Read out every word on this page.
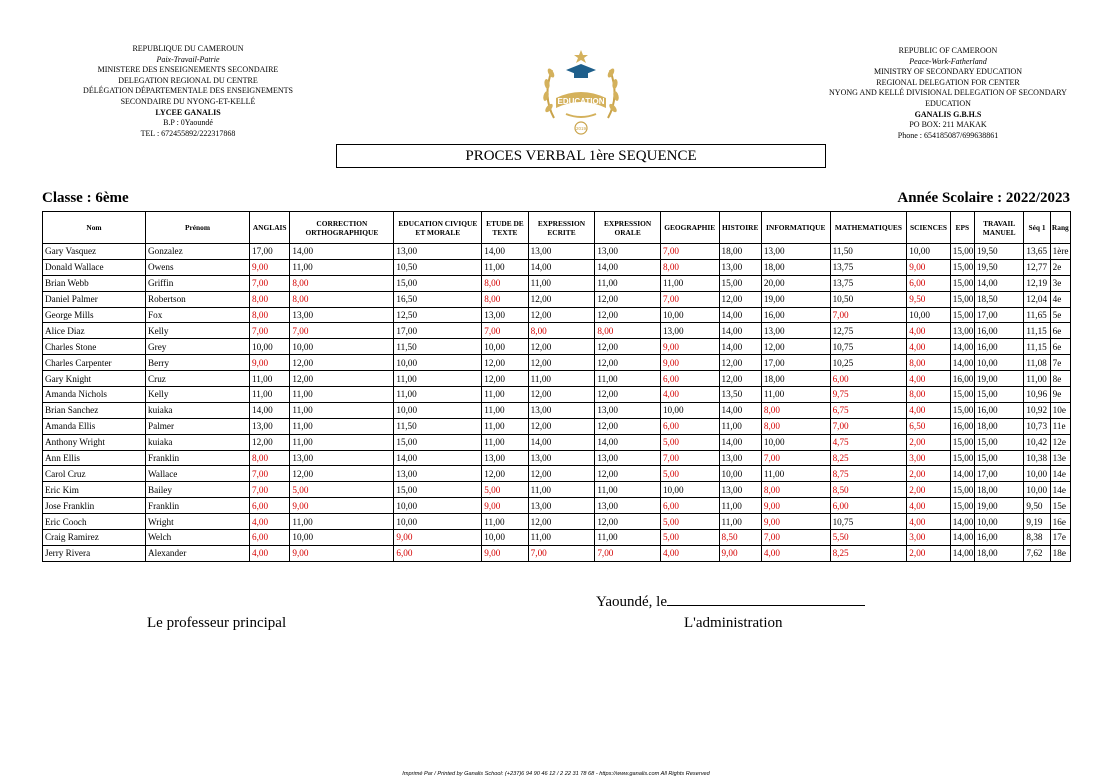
REPUBLIQUE DU CAMEROUN
Paix-Travail-Patrie
MINISTERE DES ENSEIGNEMENTS SECONDAIRE
DELEGATION REGIONAL DU CENTRE
DÉLÉGATION DÉPARTEMENTALE DES ENSEIGNEMENTS
SECONDAIRE DU NYONG-ET-KELLÉ
LYCEE GANALIS
B.P : 0Yaoundé
TEL : 672455892/222317868
REPUBLIC OF CAMEROON
Peace-Work-Fatherland
MINISTRY OF SECONDARY EDUCATION
REGIONAL DELEGATION FOR CENTER
NYONG AND KELLÉ DIVISIONAL DELEGATION OF SECONDARY
EDUCATION
GANALIS G.B.H.S
PO BOX: 211 MAKAK
Phone : 654185087/699638861
EDUCATION
2019
PROCES VERBAL 1ère SEQUENCE
Classe : 6ème	Année Scolaire : 2022/2023
Nom	Prénom	ANGLAIS	CORRECTION ORTHOGRAPHIQUE	EDUCATION CIVIQUE ET MORALE	ETUDE DE TEXTE	EXPRESSION ECRITE	EXPRESSION ORALE	GEOGRAPHIE	HISTOIRE	INFORMATIQUE	MATHEMATIQUES	SCIENCES	EPS	TRAVAIL MANUEL	Séq 1	Rang
Gary Vasquez	Gonzalez	17,00	14,00	13,00	14,00	13,00	13,00	7,00	18,00	13,00	11,50	10,00	15,00	19,50	13,65	1ère
Donald Wallace	Owens	9,00	11,00	10,50	11,00	14,00	14,00	8,00	13,00	18,00	13,75	9,00	15,00	19,50	12,77	2e
Brian Webb	Griffin	7,00	8,00	15,00	8,00	11,00	11,00	11,00	15,00	20,00	13,75	6,00	15,00	14,00	12,19	3e
Daniel Palmer	Robertson	8,00	8,00	16,50	8,00	12,00	12,00	7,00	12,00	19,00	10,50	9,50	15,00	18,50	12,04	4e
George Mills	Fox	8,00	13,00	12,50	13,00	12,00	12,00	10,00	14,00	16,00	7,00	10,00	15,00	17,00	11,65	5e
Alice Diaz	Kelly	7,00	7,00	17,00	7,00	8,00	8,00	13,00	14,00	13,00	12,75	4,00	13,00	16,00	11,15	6e
Charles Stone	Grey	10,00	10,00	11,50	10,00	12,00	12,00	9,00	14,00	12,00	10,75	4,00	14,00	16,00	11,15	6e
Charles Carpenter	Berry	9,00	12,00	10,00	12,00	12,00	12,00	9,00	12,00	17,00	10,25	8,00	14,00	10,00	11,08	7e
Gary Knight	Cruz	11,00	12,00	11,00	12,00	11,00	11,00	6,00	12,00	18,00	6,00	4,00	16,00	19,00	11,00	8e
Amanda Nichols	Kelly	11,00	11,00	11,00	11,00	12,00	12,00	4,00	13,50	11,00	9,75	8,00	15,00	15,00	10,96	9e
Brian Sanchez	kuiaka	14,00	11,00	10,00	11,00	13,00	13,00	10,00	14,00	8,00	6,75	4,00	15,00	16,00	10,92	10e
Amanda Ellis	Palmer	13,00	11,00	11,50	11,00	12,00	12,00	6,00	11,00	8,00	7,00	6,50	16,00	18,00	10,73	11e
Anthony Wright	kuiaka	12,00	11,00	15,00	11,00	14,00	14,00	5,00	14,00	10,00	4,75	2,00	15,00	15,00	10,42	12e
Ann Ellis	Franklin	8,00	13,00	14,00	13,00	13,00	13,00	7,00	13,00	7,00	8,25	3,00	15,00	15,00	10,38	13e
Carol Cruz	Wallace	7,00	12,00	13,00	12,00	12,00	12,00	5,00	10,00	11,00	8,75	2,00	14,00	17,00	10,00	14e
Eric Kim	Bailey	7,00	5,00	15,00	5,00	11,00	11,00	10,00	13,00	8,00	8,50	2,00	15,00	18,00	10,00	14e
Jose Franklin	Franklin	6,00	9,00	10,00	9,00	13,00	13,00	6,00	11,00	9,00	6,00	4,00	15,00	19,00	9,50	15e
Eric Cooch	Wright	4,00	11,00	10,00	11,00	12,00	12,00	5,00	11,00	9,00	10,75	4,00	14,00	10,00	9,19	16e
Craig Ramirez	Welch	6,00	10,00	9,00	10,00	11,00	11,00	5,00	8,50	7,00	5,50	3,00	14,00	16,00	8,38	17e
Jerry Rivera	Alexander	4,00	9,00	6,00	9,00	7,00	7,00	4,00	9,00	4,00	8,25	2,00	14,00	18,00	7,62	18e
Yaoundé, le
Le professeur principal	L'administration
Imprimé Par / Printed by Ganalis School: (+237)6 94 90 46 12 / 2 22 31 78 68 - https://www.ganalis.com All Rights Reserved
